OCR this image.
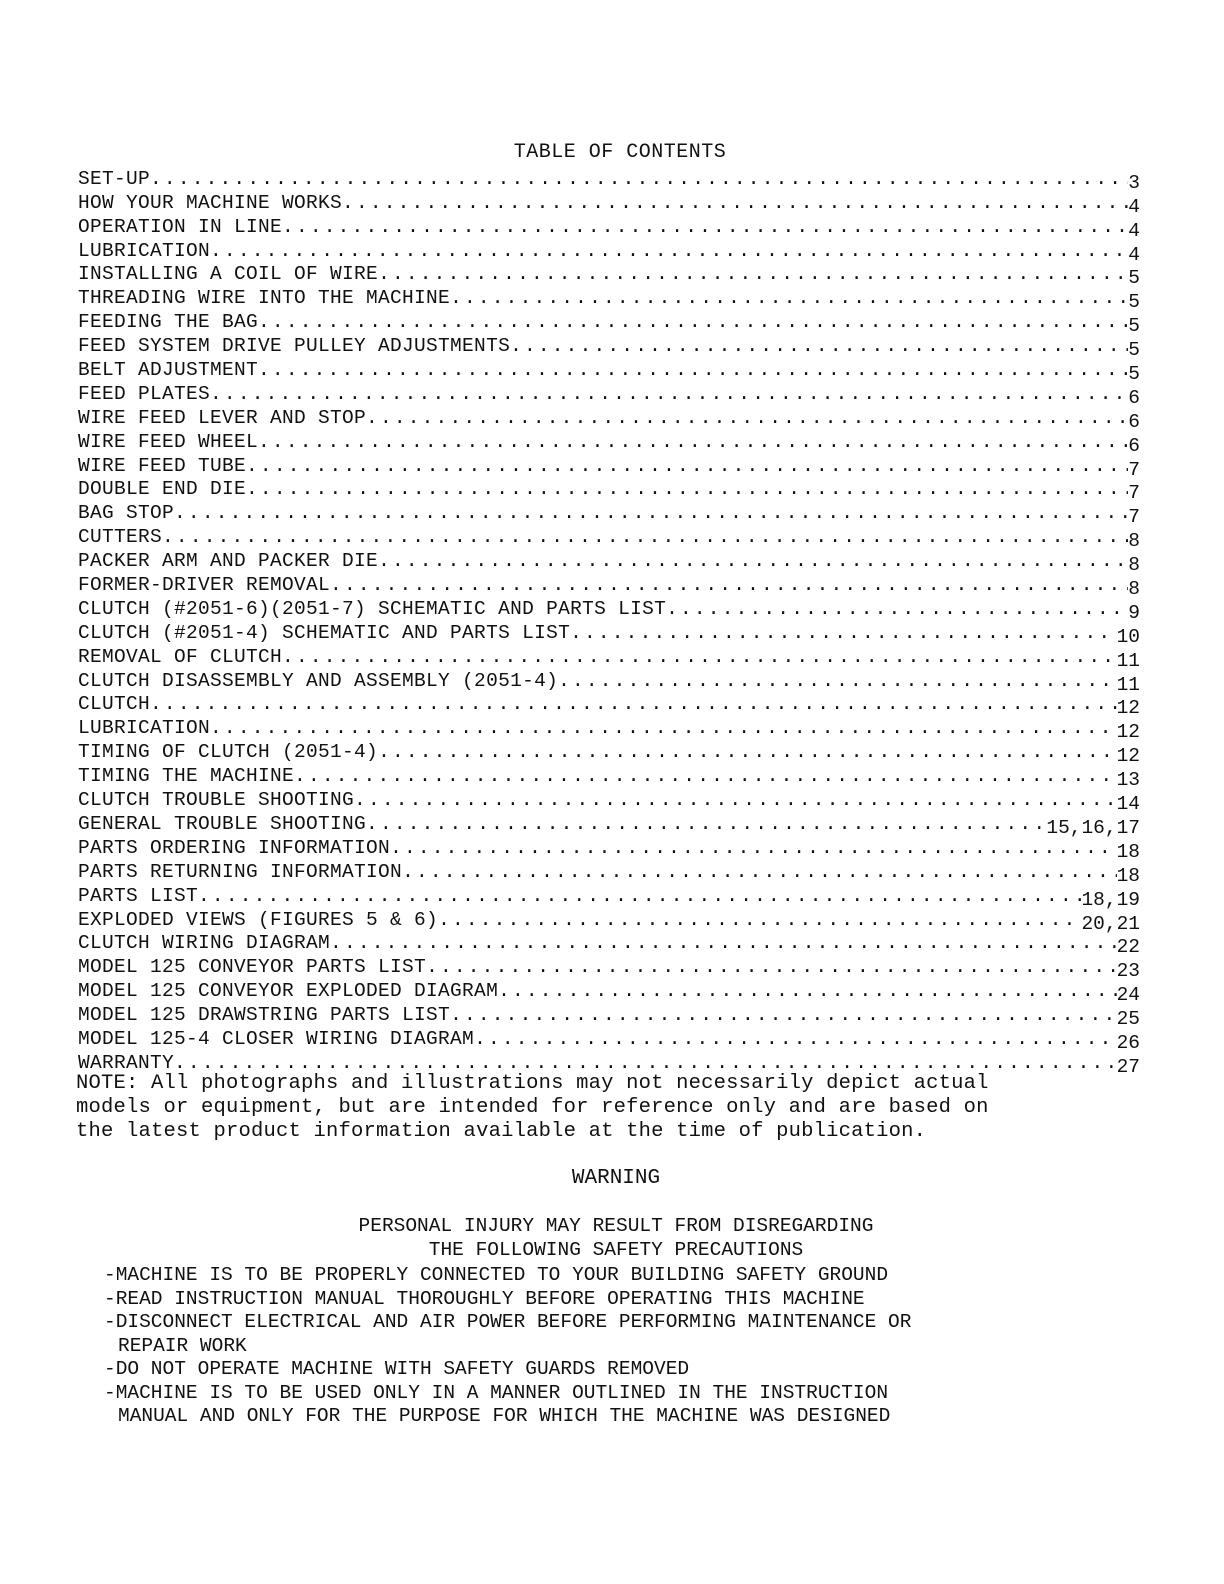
TABLE OF CONTENTS
SET-UP .....	3
HOW YOUR MACHINE WORKS .....	4
OPERATION IN LINE .....	4
LUBRICATION .....	4
INSTALLING A COIL OF WIRE .....	5
THREADING WIRE INTO THE MACHINE .....	5
FEEDING THE BAG .....	5
FEED SYSTEM DRIVE PULLEY ADJUSTMENTS .....	5
BELT ADJUSTMENT .....	5
FEED PLATES .....	6
WIRE FEED LEVER AND STOP .....	6
WIRE FEED WHEEL .....	6
WIRE FEED TUBE .....	7
DOUBLE END DIE .....	7
BAG STOP .....	7
CUTTERS .....	8
PACKER ARM AND PACKER DIE .....	8
FORMER-DRIVER REMOVAL .....	8
CLUTCH (#2051-6)(2051-7) SCHEMATIC AND PARTS LIST .....	9
CLUTCH (#2051-4) SCHEMATIC AND PARTS LIST .....	10
REMOVAL OF CLUTCH .....	11
CLUTCH DISASSEMBLY AND ASSEMBLY (2051-4) .....	11
CLUTCH .....	12
LUBRICATION .....	12
TIMING OF CLUTCH (2051-4) .....	12
TIMING THE MACHINE .....	13
CLUTCH TROUBLE SHOOTING .....	14
GENERAL TROUBLE SHOOTING .....	15,16,17
PARTS ORDERING INFORMATION .....	18
PARTS RETURNING INFORMATION .....	18
PARTS LIST .....	18,19
EXPLODED VIEWS (FIGURES 5 & 6) .....	20,21
CLUTCH WIRING DIAGRAM .....	22
MODEL 125 CONVEYOR PARTS LIST .....	23
MODEL 125 CONVEYOR EXPLODED DIAGRAM .....	24
MODEL 125 DRAWSTRING PARTS LIST .....	25
MODEL 125-4 CLOSER WIRING DIAGRAM .....	26
WARRANTY .....	27

NOTE: All photographs and illustrations may not necessarily depict actual

models or equipment, but are intended for reference only and are based on

the latest product information available at the time of publication.

WARNING

PERSONAL INJURY MAY RESULT FROM DISREGARDING

THE FOLLOWING SAFETY PRECAUTIONS

-MACHINE IS TO BE PROPERLY CONNECTED TO YOUR BUILDING SAFETY GROUND

-READ INSTRUCTION MANUAL THOROUGHLY BEFORE OPERATING THIS MACHINE

-DISCONNECT ELECTRICAL AND AIR POWER BEFORE PERFORMING MAINTENANCE OR

REPAIR WORK

-DO NOT OPERATE MACHINE WITH SAFETY GUARDS REMOVED

-MACHINE IS TO BE USED ONLY IN A MANNER OUTLINED IN THE INSTRUCTION

MANUAL AND ONLY FOR THE PURPOSE FOR WHICH THE MACHINE WAS DESIGNED
